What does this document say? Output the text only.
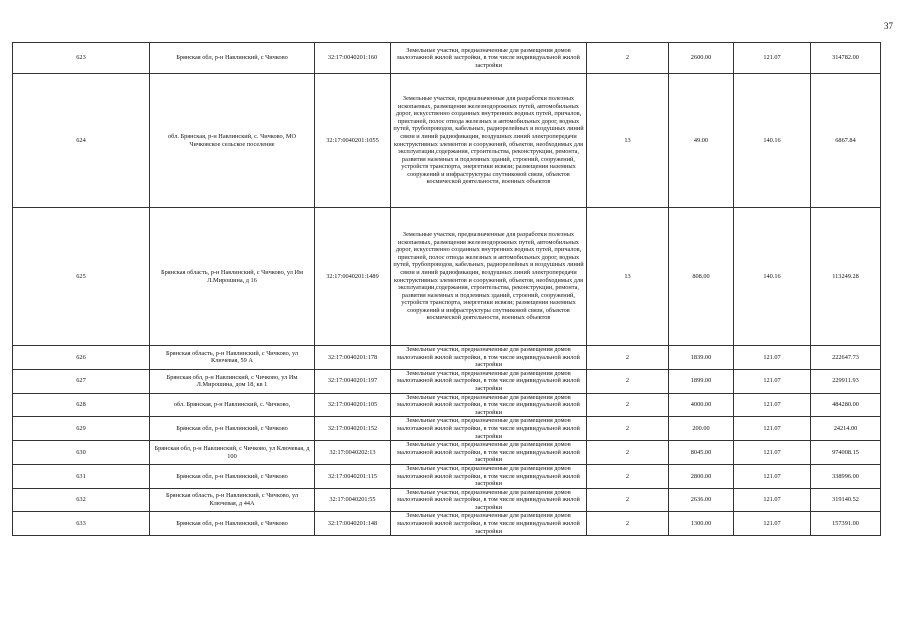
37
623	Брянская обл, р-н Навлинский, с Чичково	32:17:0040201:160	Земельные участки, предназначенные для размещения домов малоэтажной жилой застройки, в том числе индивидуальной жилой застройки	2	2600.00	121.07	314782.00
624	обл. Брянская, р-н Навлинский, с. Чичково, МО Чичковское сельское поселение	32:17:0040201:1055	Земельные участки, предназначенные для разработки полезных ископаемых, размещения железнодорожных путей, автомобильных дорог, искусственно созданных внутренних водных путей, причалов, пристаней, полос отвода железных и автомобильных дорог, водных путей, трубопроводов, кабельных, радиорелейных и воздушных линий связи и линий радиофикации, воздушных линий электропередачи конструктивных элементов и сооружений, объектов, необходимых для эксплуатации,содержания, строительства, реконструкции, ремонта, развития наземных и подземных зданий, строений, сооружений, устройств транспорта, энергетики исвязи; размещения наземных сооружений и инфраструктуры спутниковой связи, объектов космической деятельности, военных объектов	13	49.00	140.16	6867.84
625	Брянская область, р-н Навлинский, с Чичково, ул Им Л.Мирошина, д 16	32:17:0040201:1489	Земельные участки, предназначенные для разработки полезных ископаемых, размещения железнодорожных путей, автомобильных дорог, искусственно созданных внутренних водных путей, причалов, пристаней, полос отвода железных и автомобильных дорог, водных путей, трубопроводов, кабельных, радиорелейных и воздушных линий связи и линий радиофикации, воздушных линий электропередачи конструктивных элементов и сооружений, объектов, необходимых для эксплуатации,содержания, строительства, реконструкции, ремонта, развития наземных и подземных зданий, строений, сооружений, устройств транспорта, энергетики исвязи; размещения наземных сооружений и инфраструктуры спутниковой связи, объектов космической деятельности, военных объектов	13	808.00	140.16	113249.28
626	Брянская область, р-н Навлинский, с Чичково, ул Ключевая, 59 А	32:17:0040201:178	Земельные участки, предназначенные для размещения домов малоэтажной жилой застройки, в том числе индивидуальной жилой застройки	2	1839.00	121.07	222647.73
627	Брянская обл, р-н Навлинский, с Чичково, ул Им Л.Мирошина, дом 18, кв 1	32:17:0040201:197	Земельные участки, предназначенные для размещения домов малоэтажной жилой застройки, в том числе индивидуальной жилой застройки	2	1899.00	121.07	229911.93
628	обл. Брянская, р-н Навлинский, с. Чичково,	32:17:0040201:105	Земельные участки, предназначенные для размещения домов малоэтажной жилой застройки, в том числе индивидуальной жилой застройки	2	4000.00	121.07	484280.00
629	Брянская обл, р-н Навлинский, с Чичково	32:17:0040201:152	Земельные участки, предназначенные для размещения домов малоэтажной жилой застройки, в том числе индивидуальной жилой застройки	2	200.00	121.07	24214.00
630	Брянская обл, р-н Навлинский, с Чичково, ул Ключевая, д 100	32:17:0040202:13	Земельные участки, предназначенные для размещения домов малоэтажной жилой застройки, в том числе индивидуальной жилой застройки	2	8045.00	121.07	974008.15
631	Брянская обл, р-н Навлинский, с Чичково	32:17:0040201:115	Земельные участки, предназначенные для размещения домов малоэтажной жилой застройки, в том числе индивидуальной жилой застройки	2	2800.00	121.07	338996.00
632	Брянская область, р-н Навлинский, с Чичково, ул Ключевая, д 44А	32:17:0040201:55	Земельные участки, предназначенные для размещения домов малоэтажной жилой застройки, в том числе индивидуальной жилой застройки	2	2636.00	121.07	319140.52
633	Брянская обл, р-н Навлинский, с Чичково	32:17:0040201:148	Земельные участки, предназначенные для размещения домов малоэтажной жилой застройки, в том числе индивидуальной жилой застройки	2	1300.00	121.07	157391.00
